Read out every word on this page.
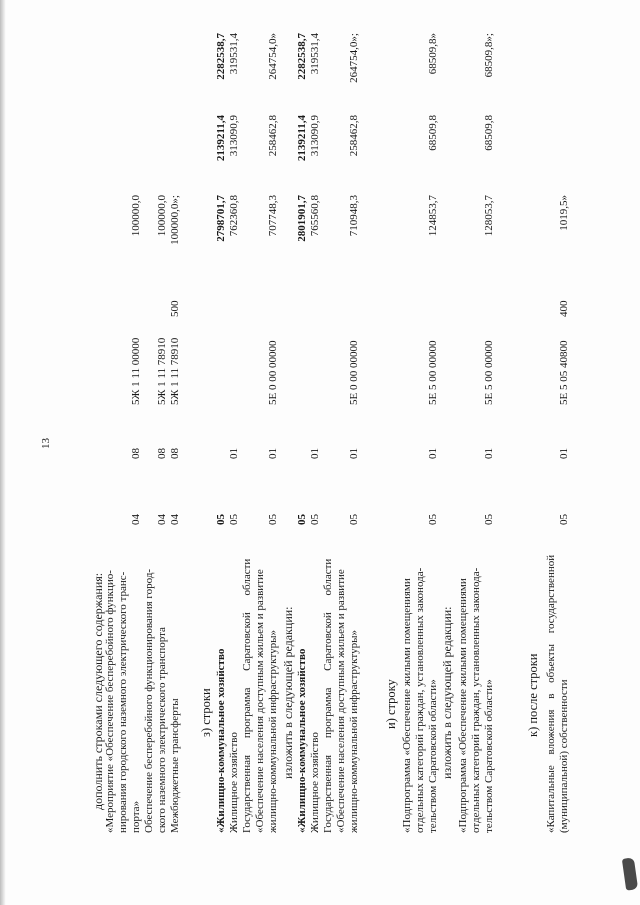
13
дополнить строками следующего содержания: «Мероприятие «Обеспечение бесперебойного функцио- нирования городского наземного электрического транс- порта»
04
08
5Ж 1 11 00000
100000,0
Обеспечение бесперебойного функционирования город- ского наземного электрического транспорта
04
08
5Ж 1 11 78910
100000,0
Межбюджетные трансферты
04
08
5Ж 1 11 78910
500
100000,0»;
з) строки «Жилищно-коммунальное хозяйство
05
2798701,7
2139211,4
2282538,7
Жилищное хозяйство
05
01
762360,8
313090,9
319531,4
Государственная программа Саратовской области «Обеспечение населения доступным жильем и развитие жилищно-коммунальной инфраструктуры»
05
01
5Е 0 00 00000
707748,3
258462,8
264754,0»
изложить в следующей редакции: «Жилищно-коммунальное хозяйство
05
2801901,7
2139211,4
2282538,7
Жилищное хозяйство
05
01
765560,8
313090,9
319531,4
Государственная программа Саратовской области «Обеспечение населения доступным жильем и развитие жилищно-коммунальной инфраструктуры»
05
01
5Е 0 00 00000
710948,3
258462,8
264754,0»;
и) строку «Подпрограмма «Обеспечение жилыми помещениями отдельных категорий граждан, установленных законода- тельством Саратовской области»
05
01
5Е 5 00 00000
124853,7
68509,8
68509,8»
изложить в следующей редакции: «Подпрограмма «Обеспечение жилыми помещениями отдельных категорий граждан, установленных законода- тельством Саратовской области»
05
01
5Е 5 00 00000
128053,7
68509,8
68509,8»;
к) после строки «Капитальные вложения в объекты государственной (муниципальной) собственности
05
01
5Е 5 05 40800
400
1019,5»
